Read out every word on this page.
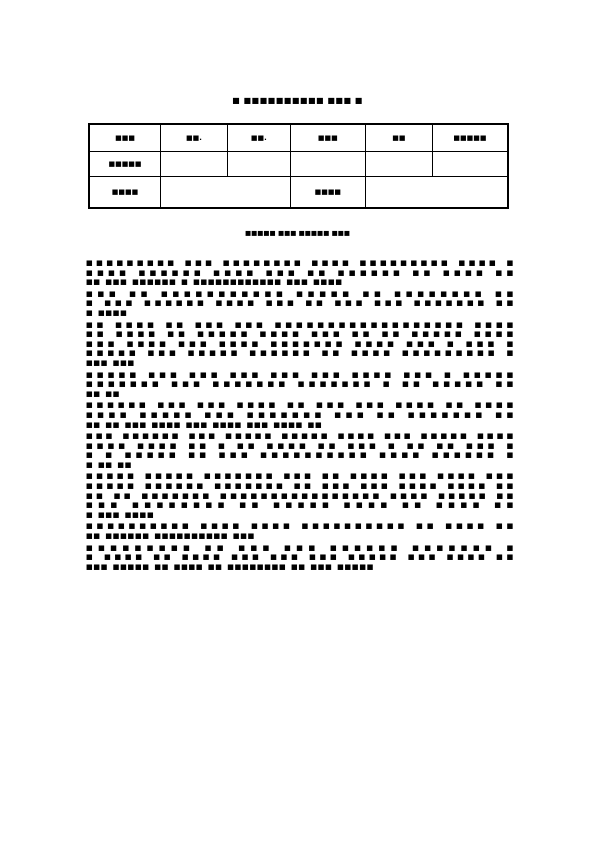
■ ■■■■■■■■■■ ■■■ ■
■■■	■■.	■■.	■■■	■■	■■■■■
■■■■■					
■■■■			■■■■		
■■■■■ ■■■ ■■■■■ ■■■
■■■■■■■■■ ■■■ ■■■■■■■■ ■■■■ ■■■■■■■■■ ■■■■ ■
■■■■ ■■■■■■ ■■■■ ■■■ ■■ ■■■■■■ ■■ ■■■■ ■■
■■ ■■■ ■■■■■■ ■ ■■■■■■■■■■■■ ■■■ ■■■■
■■■ ■■ ■■■■■■■■■■■ ■■■■■ ■■ ■■■■■■■■ ■■
■ ■■■ ■■■■■■ ■■■■ ■■■ ■■ ■■■ ■■■ ■■■■■■■ ■■
■ ■■■■
■■ ■■■■ ■■ ■■■ ■■■ ■■■■■■■■■■■■■■■■■■ ■■■■
■■ ■■■■ ■■ ■■■■■ ■■■■ ■■■ ■■ ■■ ■■■■■ ■■■■
■■■ ■■■■ ■■■ ■■■■ ■■■■■■■ ■■■■ ■■■ ■ ■■■ ■
■■■■■ ■■■ ■■■■■ ■■■■■■ ■■ ■■■■ ■■■■■■■■■ ■
■■■ ■■■
■■■■■ ■■■ ■■■ ■■■ ■■■ ■■■ ■■■■ ■■■ ■ ■■■■■
■■■■■■■ ■■■ ■■■■■■■ ■■■■■■■ ■ ■■ ■■■■■ ■■
■■ ■■
■■■■■■ ■■■ ■■■ ■■■■ ■■ ■■■ ■■■ ■■■■ ■■ ■■■■
■■■■ ■■■■■ ■■■ ■■■■■■■ ■■■ ■■ ■■■■■■■ ■■
■■ ■■ ■■■ ■■■■ ■■■ ■■■■ ■■■ ■■■■ ■■
■■■ ■■■■■■ ■■■ ■■■■■ ■■■■■ ■■■■ ■■■ ■■■■■ ■■■■
■■■■ ■■■■ ■■ ■ ■■ ■■■■ ■■ ■■■ ■ ■■ ■■ ■■■ ■
■ ■ ■■■■■ ■■ ■■■ ■■■■■■■■■■ ■■■■ ■■■■■■ ■
■ ■■ ■■
■■■■■ ■■■■■ ■■■■■■■ ■■■ ■■ ■■■■ ■■■ ■■■■ ■■■
■■■■■ ■■■■■■ ■■■■■■■ ■■ ■■■ ■■■ ■■■■ ■■■■ ■■
■■ ■■ ■■■■■■■ ■■■■■■■■■■■■■■■■ ■■■■ ■■■■■ ■■
■■■ ■■■■■■■■ ■■ ■■■■■ ■■■■ ■■ ■■■■ ■■
■ ■■■ ■■■■
■■■■■■■■■■ ■■■■ ■■■■ ■■■■■■■■■■ ■■ ■■■■ ■■
■■ ■■■■■■ ■■■■■■■■■■ ■■■
■■■■■■■■■ ■■ ■■■ ■■■ ■■■■■■ ■■■■■■■ ■
■ ■■■■ ■■ ■■■■ ■■■ ■■■ ■■■ ■■■■■ ■■■ ■■■■ ■■
■■■ ■■■■■ ■■ ■■■■ ■■ ■■■■■■■■ ■■ ■■■ ■■■■■
